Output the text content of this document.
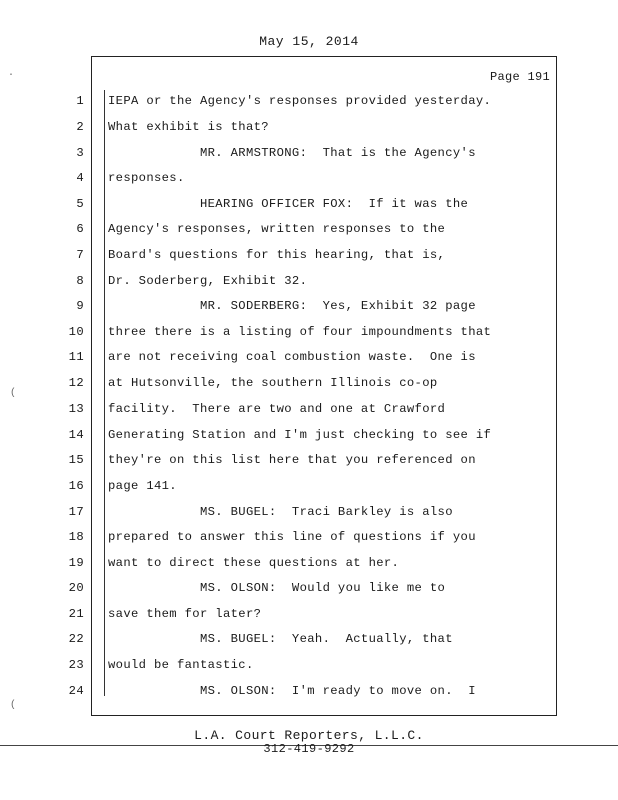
May 15, 2014
Page 191
1 IEPA or the Agency's responses provided yesterday.
2 What exhibit is that?
3 MR. ARMSTRONG:  That is the Agency's
4 responses.
5 HEARING OFFICER FOX:  If it was the
6 Agency's responses, written responses to the
7 Board's questions for this hearing, that is,
8 Dr. Soderberg, Exhibit 32.
9 MR. SODERBERG:  Yes, Exhibit 32 page
10 three there is a listing of four impoundments that
11 are not receiving coal combustion waste.  One is
12 at Hutsonville, the southern Illinois co-op
13 facility.  There are two and one at Crawford
14 Generating Station and I'm just checking to see if
15 they're on this list here that you referenced on
16 page 141.
17 MS. BUGEL:  Traci Barkley is also
18 prepared to answer this line of questions if you
19 want to direct these questions at her.
20 MS. OLSON:  Would you like me to
21 save them for later?
22 MS. BUGEL:  Yeah.  Actually, that
23 would be fantastic.
24 MS. OLSON:  I'm ready to move on.  I
·
(
(
L.A. Court Reporters, L.L.C.
312-419-9292
